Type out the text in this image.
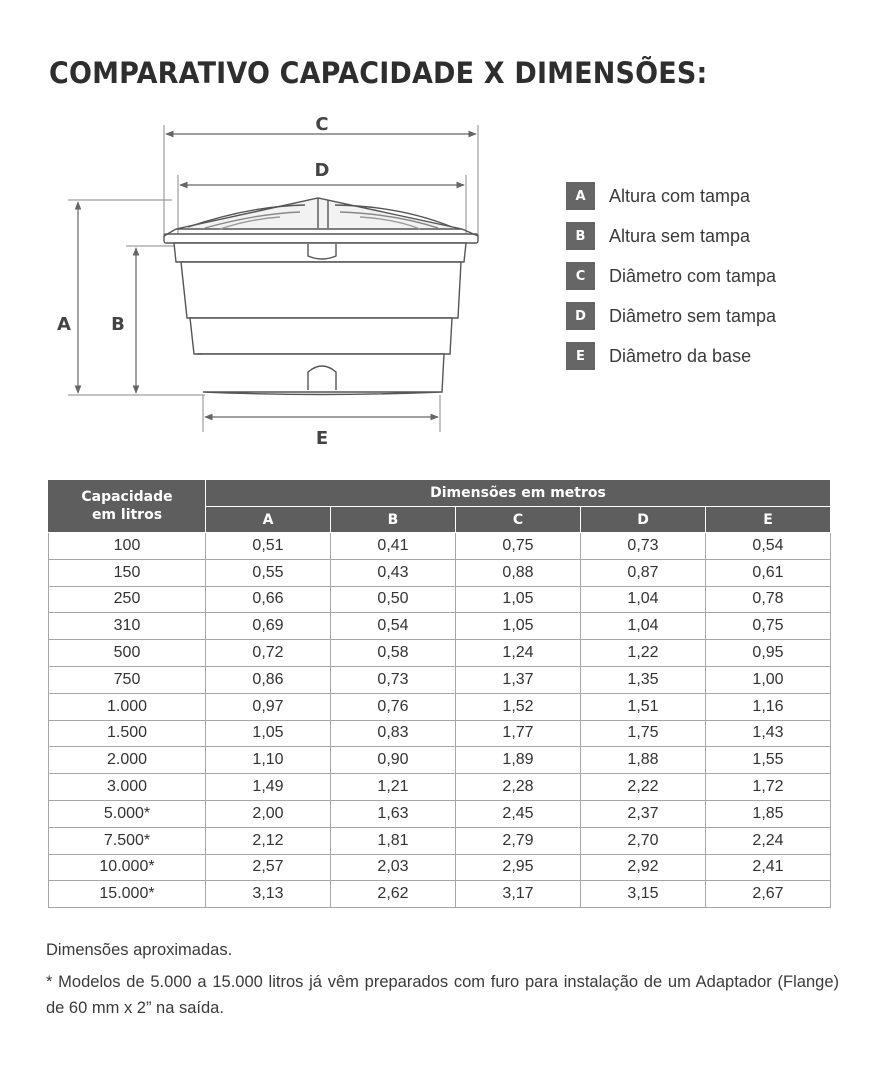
COMPARATIVO CAPACIDADE X DIMENSÕES:
C
D
A B
E
A	Altura com tampa
B	Altura sem tampa
C	Diâmetro com tampa
D	Diâmetro sem tampa
E	Diâmetro da base
Capacidade em litros	Dimensões em metros				
	A	B	C	D	E
100	0,51	0,41	0,75	0,73	0,54
150	0,55	0,43	0,88	0,87	0,61
250	0,66	0,50	1,05	1,04	0,78
310	0,69	0,54	1,05	1,04	0,75
500	0,72	0,58	1,24	1,22	0,95
750	0,86	0,73	1,37	1,35	1,00
1.000	0,97	0,76	1,52	1,51	1,16
1.500	1,05	0,83	1,77	1,75	1,43
2.000	1,10	0,90	1,89	1,88	1,55
3.000	1,49	1,21	2,28	2,22	1,72
5.000*	2,00	1,63	2,45	2,37	1,85
7.500*	2,12	1,81	2,79	2,70	2,24
10.000*	2,57	2,03	2,95	2,92	2,41
15.000*	3,13	2,62	3,17	3,15	2,67

Dimensões aproximadas.

* Modelos de 5.000 a 15.000 litros já vêm preparados com furo para instalação de um Adaptador (Flange) de 60 mm x 2” na saída.
